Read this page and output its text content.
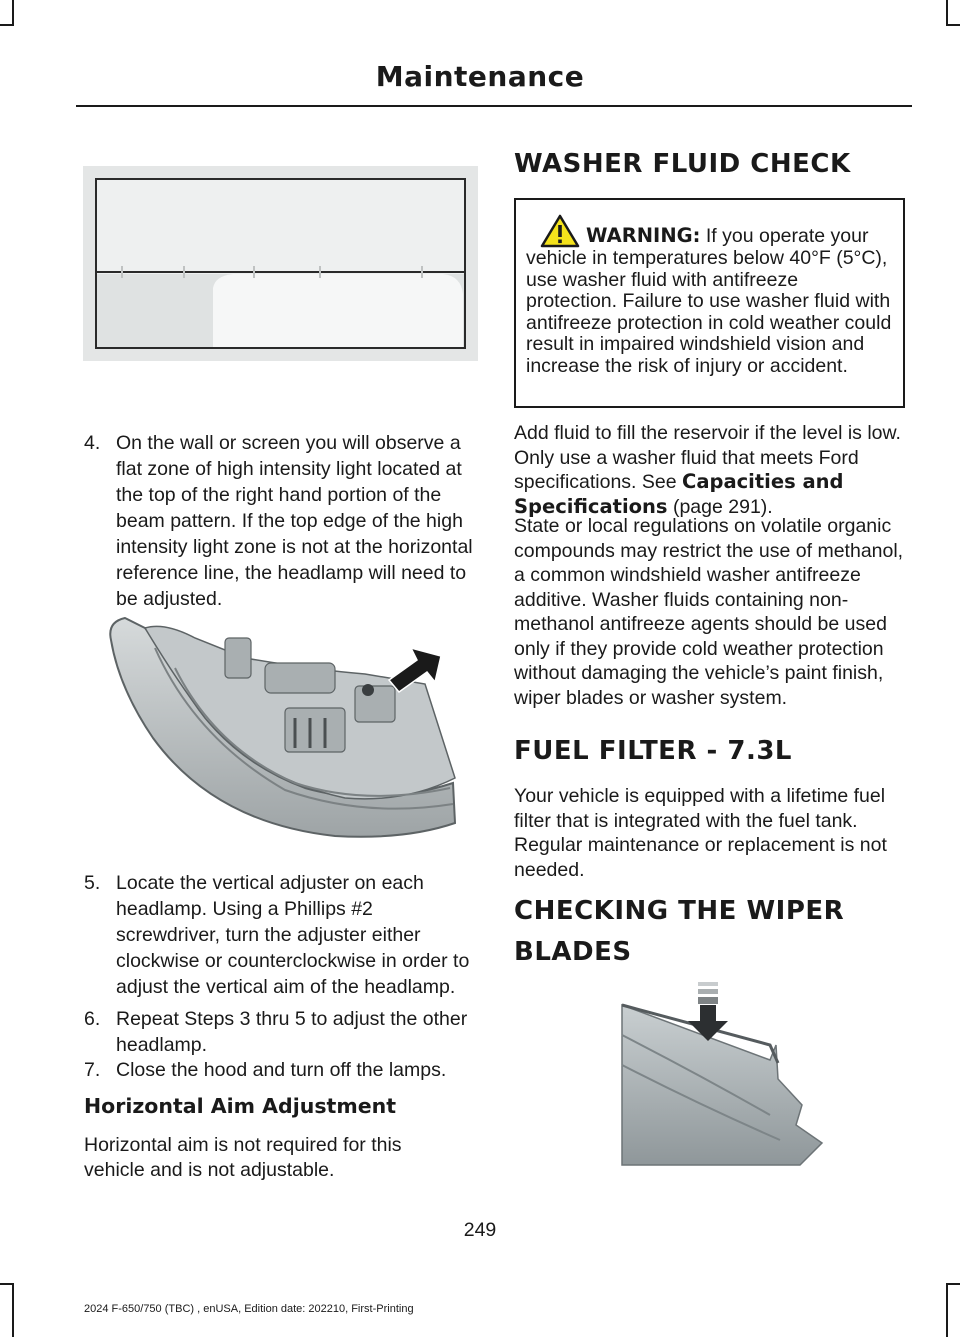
Maintenance
4. On the wall or screen you will observe a flat zone of high intensity light located at the top of the right hand portion of the beam pattern. If the top edge of the high intensity light zone is not at the horizontal reference line, the headlamp will need to be adjusted.
5. Locate the vertical adjuster on each headlamp. Using a Phillips #2 screwdriver, turn the adjuster either clockwise or counterclockwise in order to adjust the vertical aim of the headlamp.
6. Repeat Steps 3 thru 5 to adjust the other headlamp.
7. Close the hood and turn off the lamps.
Horizontal Aim Adjustment
Horizontal aim is not required for this vehicle and is not adjustable.
WASHER FLUID CHECK
WARNING: If you operate your vehicle in temperatures below 40°F (5°C), use washer fluid with antifreeze protection. Failure to use washer fluid with antifreeze protection in cold weather could result in impaired windshield vision and increase the risk of injury or accident.
Add fluid to fill the reservoir if the level is low. Only use a washer fluid that meets Ford specifications. See Capacities and Specifications (page 291).
State or local regulations on volatile organic compounds may restrict the use of methanol, a common windshield washer antifreeze additive. Washer fluids containing non-methanol antifreeze agents should be used only if they provide cold weather protection without damaging the vehicle’s paint finish, wiper blades or washer system.
FUEL FILTER - 7.3L
Your vehicle is equipped with a lifetime fuel filter that is integrated with the fuel tank. Regular maintenance or replacement is not needed.
CHECKING THE WIPER
BLADES
249
2024 F-650/750 (TBC) , enUSA, Edition date: 202210, First-Printing
